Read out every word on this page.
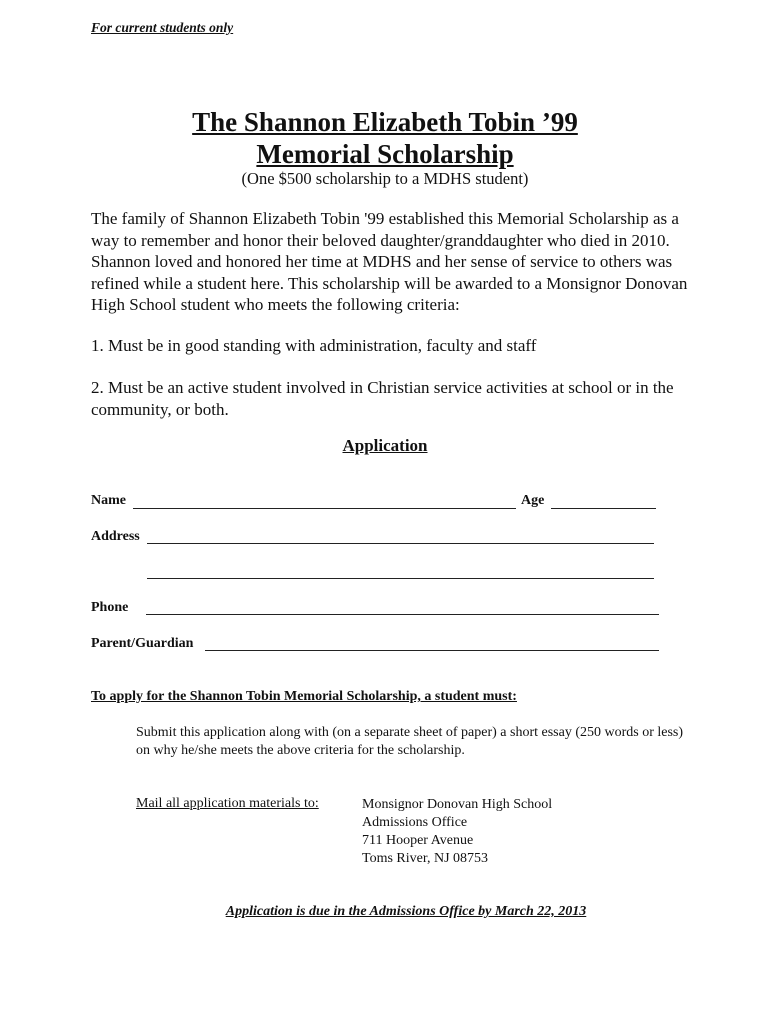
For current students only
The Shannon Elizabeth Tobin ’99
Memorial Scholarship
(One $500 scholarship to a MDHS student)
The family of Shannon Elizabeth Tobin '99 established this Memorial Scholarship as a way to remember and honor their beloved daughter/granddaughter who died in 2010. Shannon loved and honored her time at MDHS and her sense of service to others was refined while a student here. This scholarship will be awarded to a Monsignor Donovan High School student who meets the following criteria:
1. Must be in good standing with administration, faculty and staff
2. Must be an active student involved in Christian service activities at school or in the community, or both.
Application
Name	Age
Address
Phone
Parent/Guardian
To apply for the Shannon Tobin Memorial Scholarship, a student must:
Submit this application along with (on a separate sheet of paper) a short essay (250 words or less) on why he/she meets the above criteria for the scholarship.
Mail all application materials to:	Monsignor Donovan High School
Admissions Office
711 Hooper Avenue
Toms River, NJ 08753
Application is due in the Admissions Office by March 22, 2013
